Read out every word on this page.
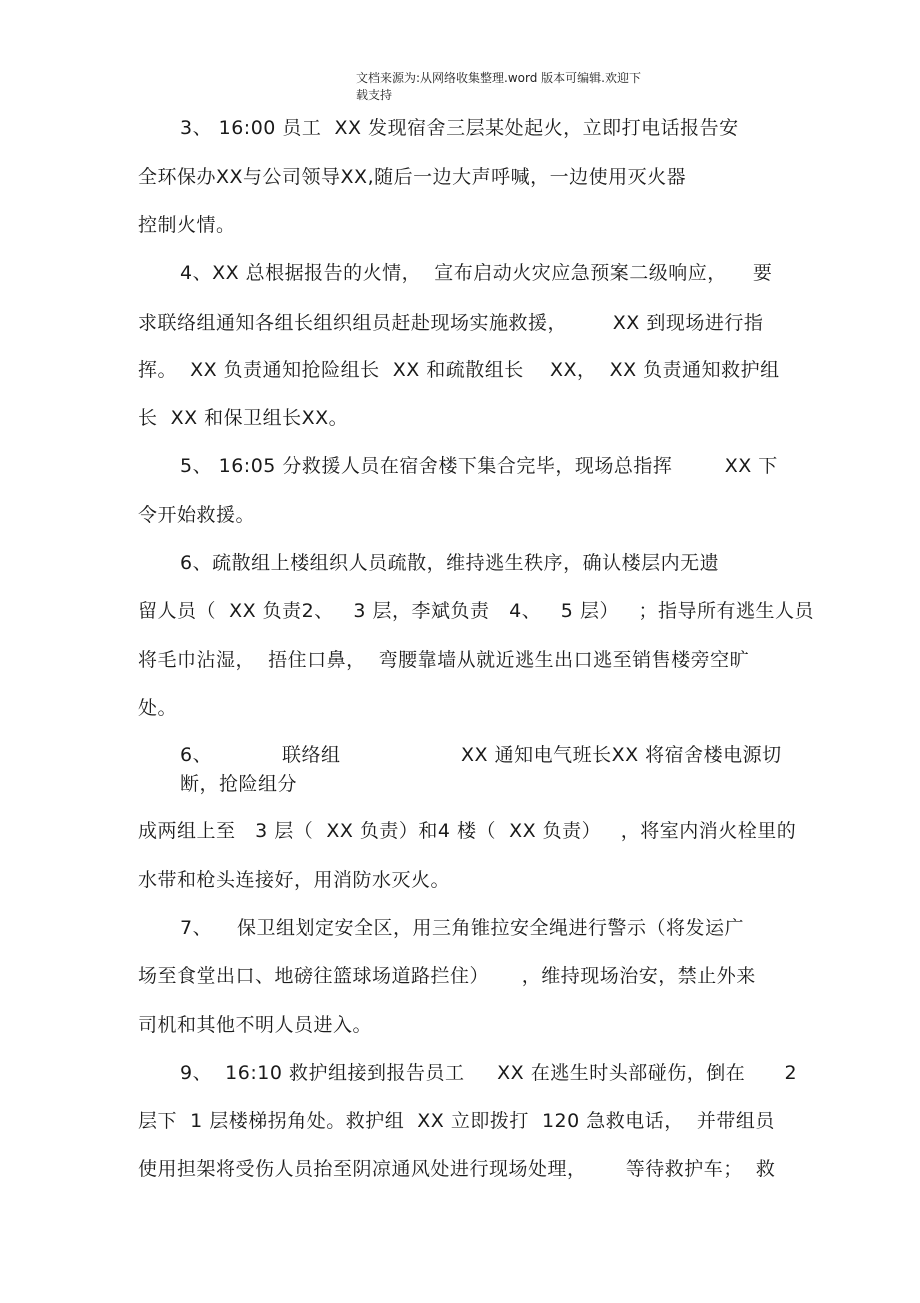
文档来源为:从网络收集整理.word 版本可编辑.欢迎下
载支持
3、 16:00 员工  XX 发现宿舍三层某处起火，立即打电话报告安
全环保办XX与公司领导XX,随后一边大声呼喊，一边使用灭火器
控制火情。
4、XX 总根据报告的火情，  宣布启动火灾应急预案二级响应，    要
求联络组通知各组长组织组员赶赴现场实施救援，       XX 到现场进行指
挥。  XX 负责通知抢险组长  XX 和疏散组长    XX，  XX 负责通知救护组
长  XX 和保卫组长XX。
5、 16:05 分救援人员在宿舍楼下集合完毕，现场总指挥        XX 下
令开始救援。
6、疏散组上楼组织人员疏散，维持逃生秩序，确认楼层内无遗
留人员（  XX 负责2、   3 层，李斌负责   4、   5 层）   ；指导所有逃生人员
将毛巾沾湿，  捂住口鼻，  弯腰靠墙从就近逃生出口逃至销售楼旁空旷
处。
6、	联络组	XX 通知电气班长XX 将宿舍楼电源切
断，抢险组分
成两组上至   3 层（  XX 负责）和4 楼（  XX 负责）   ，将室内消火栓里的
水带和枪头连接好，用消防水灭火。
7、 保卫组划定安全区，用三角锥拉安全绳进行警示（将发运广
场至食堂出口、地磅往篮球场道路拦住）     ，维持现场治安，禁止外来
司机和其他不明人员进入。
9、  16:10 救护组接到报告员工     XX 在逃生时头部碰伤，倒在      2
层下  1 层楼梯拐角处。救护组  XX 立即拨打  120 急救电话，  并带组员
使用担架将受伤人员抬至阴凉通风处进行现场处理，      等待救护车；  救
